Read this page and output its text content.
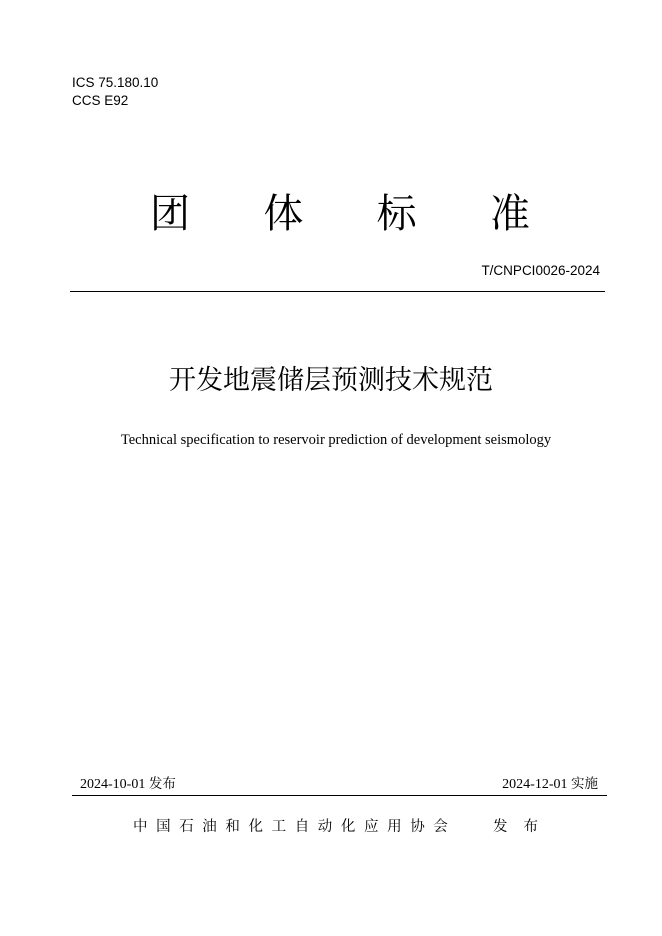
ICS 75.180.10
CCS E92
团 体 标 准
T/CNPCI0026-2024
开发地震储层预测技术规范
Technical specification to reservoir prediction of development seismology
2024-10-01 发布	2024-12-01 实施
中国石油和化工自动化应用协会	发布
